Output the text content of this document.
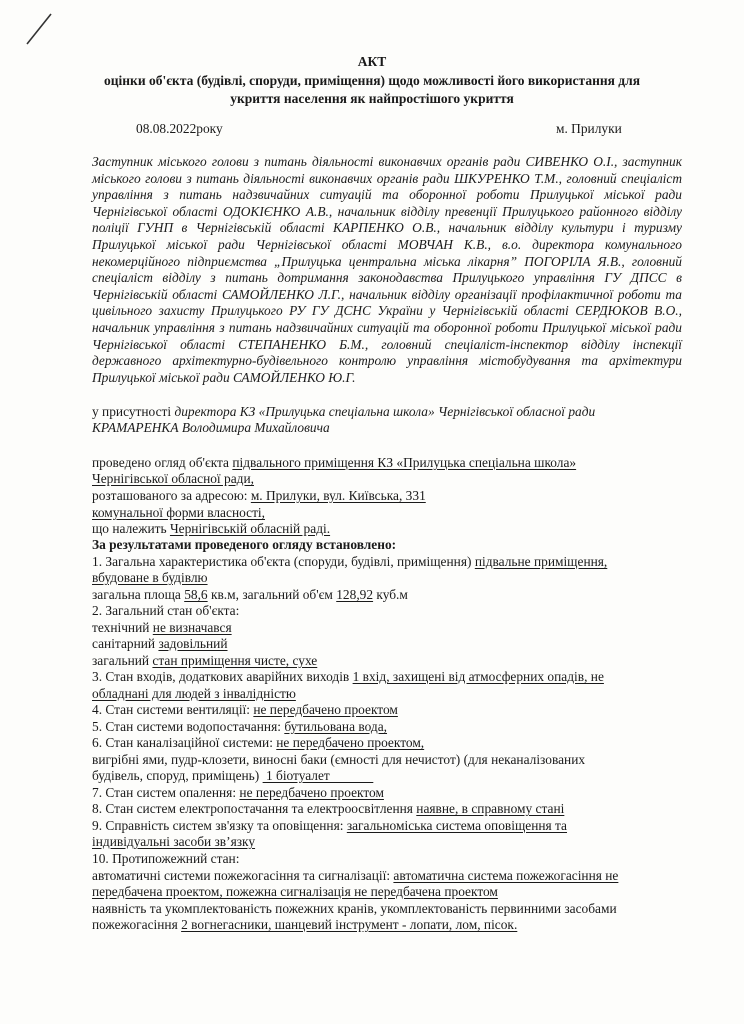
АКТ

оцінки об'єкта (будівлі, споруди, приміщення) щодо можливості його використання для

укриття населення як найпростішого укриття

08.08.2022року	м. Прилуки

Заступник міського голови з питань діяльності виконавчих органів ради СИВЕНКО О.І., заступник міського голови з питань діяльності виконавчих органів ради ШКУРЕНКО Т.М., головний спеціаліст управління з питань надзвичайних ситуацій та оборонної роботи Прилуцької міської ради Чернігівської області ОДОКІЄНКО А.В., начальник відділу превенції Прилуцького районного відділу поліції ГУНП в Чернігівській області КАРПЕНКО О.В., начальник відділу культури і туризму Прилуцької міської ради Чернігівської області МОВЧАН К.В., в.о. директора комунального некомерційного підприємства „Прилуцька центральна міська лікарня” ПОГОРІЛА Я.В., головний спеціаліст відділу з питань дотримання законодавства Прилуцького управління ГУ ДПСС в Чернігівській області САМОЙЛЕНКО Л.Г., начальник відділу організації профілактичної роботи та цивільного захисту Прилуцького РУ ГУ ДСНС України у Чернігівській області СЕРДЮКОВ В.О., начальник управління з питань надзвичайних ситуацій та оборонної роботи Прилуцької міської ради Чернігівської області СТЕПАНЕНКО Б.М., головний спеціаліст-інспектор відділу інспекції державного архітектурно-будівельного контролю управління містобудування та архітектури Прилуцької міської ради САМОЙЛЕНКО Ю.Г.

у присутності директора КЗ «Прилуцька спеціальна школа» Чернігівської обласної ради

КРАМАРЕНКА Володимира Михайловича

проведено огляд об'єкта підвального приміщення КЗ «Прилуцька спеціальна школа»

Чернігівської обласної ради,

розташованого за адресою: м. Прилуки, вул. Київська, 331

комунальної форми власності,

що належить Чернігівській обласній раді.

За результатами проведеного огляду встановлено:

1. Загальна характеристика об'єкта (споруди, будівлі, приміщення) підвальне приміщення,

вбудоване в будівлю

загальна площа 58,6 кв.м, загальний об'єм 128,92 куб.м

2. Загальний стан об'єкта:

технічний не визначався

санітарний задовільний

загальний стан приміщення чисте, сухе

3. Стан входів, додаткових аварійних виходів 1 вхід, захищені від атмосферних опадів, не

обладнані для людей з інвалідністю

4. Стан системи вентиляції: не передбачено проектом

5. Стан системи водопостачання: бутильована вода,

6. Стан каналізаційної системи: не передбачено проектом,

вигрібні ями, пудр-клозети, виносні баки (ємності для нечистот) (для неканалізованих

будівель, споруд, приміщень)  1 біотуалет

7. Стан систем опалення: не передбачено проектом

8. Стан систем електропостачання та електроосвітлення наявне, в справному стані

9. Справність систем зв'язку та оповіщення: загальноміська система оповіщення та

індивідуальні засоби зв’язку

10. Протипожежний стан:

автоматичні системи пожежогасіння та сигналізації: автоматична система пожежогасіння не

передбачена проектом, пожежна сигналізація не передбачена проектом

наявність та укомплектованість пожежних кранів, укомплектованість первинними засобами

пожежогасіння 2 вогнегасники, шанцевий інструмент - лопати, лом, пісок.
